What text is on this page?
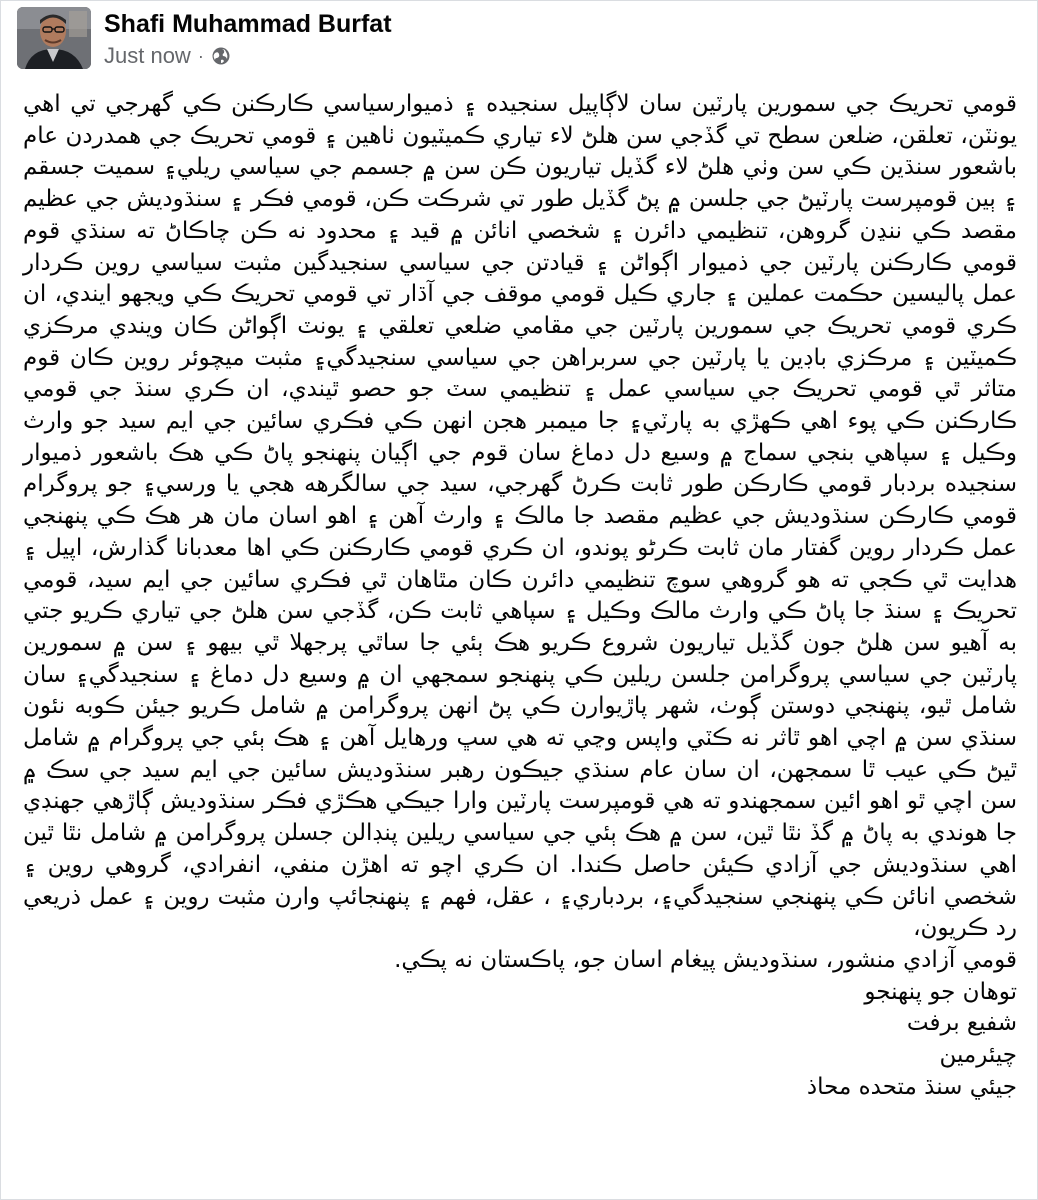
Shafi Muhammad Burfat
Just now ·

قومي تحريڪ جي سمورين پارٽين سان لاڳاپيل سنجيده ۽ ذميوارسياسي ڪارڪنن ڪي گهرجي تي اهي يونٽن، تعلقن، ضلعن سطح تي گڏجي سن هلڻ لاء تياري ڪميٽيون ٺاهين ۽ قومي تحريڪ جي همدردن عام باشعور سنڌين ڪي سن وٺي هلڻ لاء گڏيل تياريون ڪن سن ۾ جسمم جي سياسي ريلي۽ سميت جسقم ۽ ٻين قومپرست پارٽيڻ جي جلسن ۾ پڻ گڏيل طور تي شرڪت ڪن، قومي فڪر ۽ سنڌوديش جي عظيم مقصد ڪي ننڍن گروهن، تنظيمي دائرن ۽ شخصي انائن ۾ قيد ۽ محدود نه ڪن چاڪاڻ ته سنڌي قوم قومي ڪارڪنن پارٽين جي ذميوار اڳواڻن ۽ قيادتن جي سياسي سنجيدگين مثبت سياسي روين ڪردار عمل پاليسين حڪمت عملين ۽ جاري ڪيل قومي موقف جي آڌار تي قومي تحريڪ ڪي ويجهو ايندي، ان ڪري قومي تحريڪ جي سمورين پارٽين جي مقامي ضلعي تعلقي ۽ يونٽ اڳواڻن ڪان ويندي مرڪزي ڪميٽين ۽ مرڪزي باڊين يا پارٽين جي سربراهن جي سياسي سنجيدگي۽ مثبت ميچوئر روين ڪان قوم متاثر ٿي قومي تحريڪ جي سياسي عمل ۽ تنظيمي سٽ جو حصو ٿيندي، ان ڪري سنڌ جي قومي ڪارڪنن ڪي پوء اهي ڪهڙي به پارٽي۽ جا ميمبر هجن انهن ڪي فڪري سائين جي ايم سيد جو وارث وڪيل ۽ سپاهي بنجي سماج ۾ وسيع دل دماغ سان قوم جي اڳيان پنهنجو پاڻ ڪي هڪ باشعور ذميوار سنجيده بردبار قومي ڪارڪن طور ثابت ڪرڻ گهرجي، سيد جي سالگرهه هجي يا ورسي۽ جو پروگرام قومي ڪارڪن سنڌوديش جي عظيم مقصد جا مالڪ ۽ وارث آهن ۽ اهو اسان مان هر هڪ ڪي پنهنجي عمل ڪردار روين گفتار مان ثابت ڪرڻو پوندو، ان ڪري قومي ڪارڪنن ڪي اها معدبانا گذارش، اپيل ۽ هدايت ٿي ڪجي ته هو گروهي سوچ تنظيمي دائرن ڪان مٿاهان ٿي فڪري سائين جي ايم سيد، قومي تحريڪ ۽ سنڌ جا پاڻ ڪي وارث مالڪ وڪيل ۽ سپاهي ثابت ڪن، گڏجي سن هلڻ جي تياري ڪريو جتي به آهيو سن هلڻ جون گڏيل تياريون شروع ڪريو هڪ ٻئي جا ساٿي پرجهلا ٿي بيهو ۽ سن ۾ سمورين پارٽين جي سياسي پروگرامن جلسن ريلين ڪي پنهنجو سمجهي ان ۾ وسيع دل دماغ ۽ سنجيدگي۽ سان شامل ٿيو، پنهنجي دوستن ڳوٺ، شهر پاڙيوارن ڪي پڻ انهن پروگرامن ۾ شامل ڪريو جيئن ڪوبه نئون سنڌي سن ۾ اچي اهو ٿاثر نه ڪٽي واپس وڃي ته هي سڀ ورهايل آهن ۽ هڪ ٻئي جي پروگرام ۾ شامل ٿيڻ ڪي عيب ٿا سمجهن، ان سان عام سنڌي جيڪون رهبر سنڌوديش سائين جي ايم سيد جي سڪ ۾ سن اچي ٿو اهو ائين سمجهندو ته هي قومپرست پارٽين وارا جيڪي هڪڙي فڪر سنڌوديش ڳاڙهي جهنڊي جا هوندي به پاڻ ۾ گڏ نٿا ٿين، سن ۾ هڪ ٻئي جي سياسي ريلين پنڊالن جسلن پروگرامن ۾ شامل نٿا ٿين اهي سنڌوديش جي آزادي ڪيئن حاصل ڪندا. ان ڪري اچو ته اهڙن منفي، انفرادي، گروهي روين ۽ شخصي انائن ڪي پنهنجي سنجيدگي۽، بردباري۽ ، عقل، فهم ۽ پنهنجائپ وارن مثبت روين ۽ عمل ذريعي رد ڪريون،

قومي آزادي منشور، سنڌوديش پيغام اسان جو، پاڪستان نه پڪي.

توهان جو پنهنجو

شفيع برفت

چيئرمين

جيئي سنڌ متحده محاذ
